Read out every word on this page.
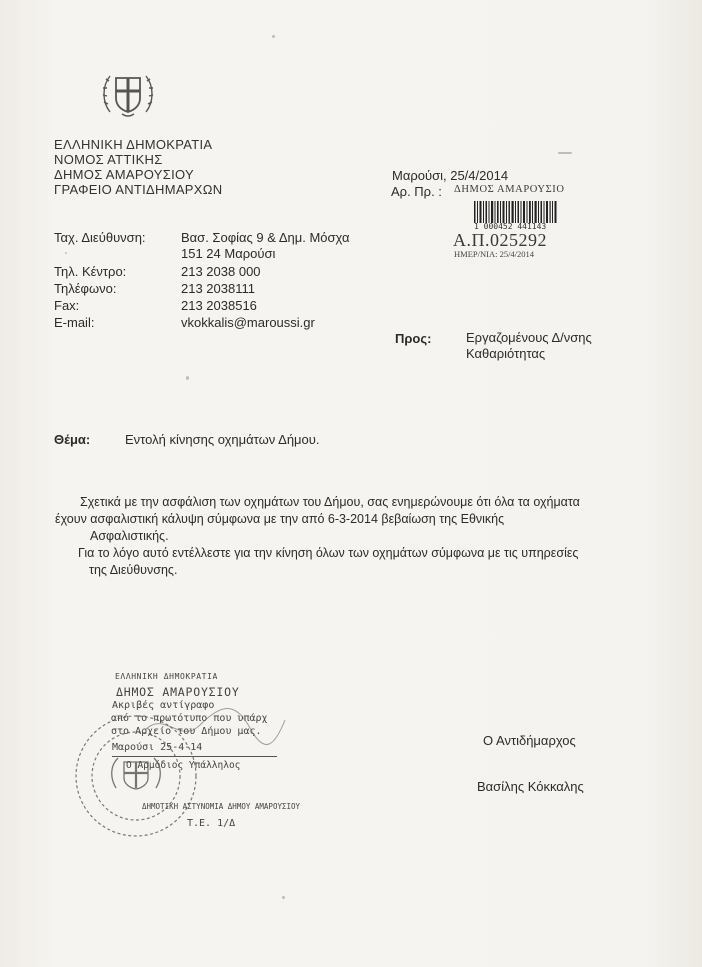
ΕΛΛΗΝΙΚΗ ΔΗΜΟΚΡΑΤΙΑ
ΝΟΜΟΣ ΑΤΤΙΚΗΣ
ΔΗΜΟΣ ΑΜΑΡΟΥΣΙΟΥ
ΓΡΑΦΕΙΟ ΑΝΤΙΔΗΜΑΡΧΩΝ
Μαρούσι, 25/4/2014
Αρ. Πρ. : ΔΗΜΟΣ ΑΜΑΡΟΥΣΙΟ
1 000452 441143
Α.Π.025292
ΗΜΕΡ/ΝΙΑ: 25/4/2014
Ταχ. Διεύθυνση:
Τηλ. Κέντρο:
Τηλέφωνο:
Fax:
E-mail:
Βασ. Σοφίας 9 & Δημ. Μόσχα
151 24 Μαρούσι
213 2038 000
213 2038111
213 2038516
vkokkalis@maroussi.gr
Προς:	Εργαζομένους Δ/νσης
Καθαριότητας
Θέμα:	Εντολή κίνησης οχημάτων Δήμου.
Σχετικά με την ασφάλιση των οχημάτων του Δήμου, σας ενημερώνουμε ότι όλα τα οχήματα
έχουν ασφαλιστική κάλυψη σύμφωνα με την από 6-3-2014 βεβαίωση της Εθνικής
Ασφαλιστικής.
Για το λόγο αυτό εντέλλεστε για την κίνηση όλων των οχημάτων σύμφωνα με τις υπηρεσίες
της Διεύθυνσης.
ΕΛΛΗΝΙΚΗ ΔΗΜΟΚΡΑΤΙΑ
ΔΗΜΟΣ ΑΜΑΡΟΥΣΙΟΥ
Ακριβές αντίγραφο
από το πρωτότυπο που υπάρχ
στο Αρχείο του Δήμου μας.
Μαρούσι 25-4-14
Ο Αρμόδιος Υπάλληλος
ΔΗΜΟΤΙΚΗ ΑΣΤΥΝΟΜΙΑ ΔΗΜΟΥ ΑΜΑΡΟΥΣΙΟΥ
Τ.Ε. 1/Δ
Ο Αντιδήμαρχος
Βασίλης Κόκκαλης
